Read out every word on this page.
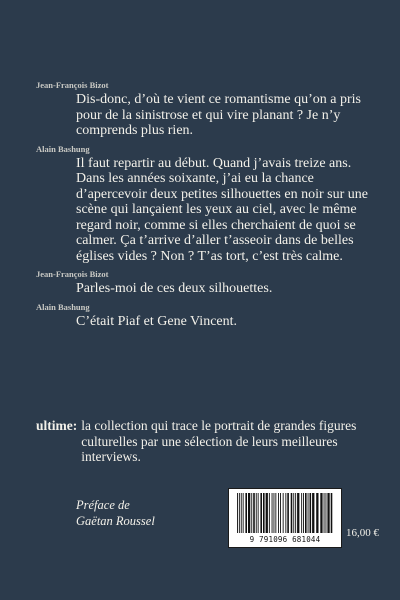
Jean-François Bizot
Dis-donc, d’où te vient ce romantisme qu’on a pris pour de la sinistrose et qui vire planant ? Je n’y comprends plus rien.
Alain Bashung
Il faut repartir au début. Quand j’avais treize ans. Dans les années soixante, j’ai eu la chance d’apercevoir deux petites silhouettes en noir sur une scène qui lançaient les yeux au ciel, avec le même regard noir, comme si elles cherchaient de quoi se calmer. Ça t’arrive d’aller t’asseoir dans de belles églises vides ? Non ? T’as tort, c’est très calme.
Jean-François Bizot
Parles-moi de ces deux silhouettes.
Alain Bashung
C’était Piaf et Gene Vincent.
ultime: la collection qui trace le portrait de grandes figures culturelles par une sélection de leurs meilleures interviews.
Préface de
Gaëtan Roussel
9 791096 681044
16,00 €
